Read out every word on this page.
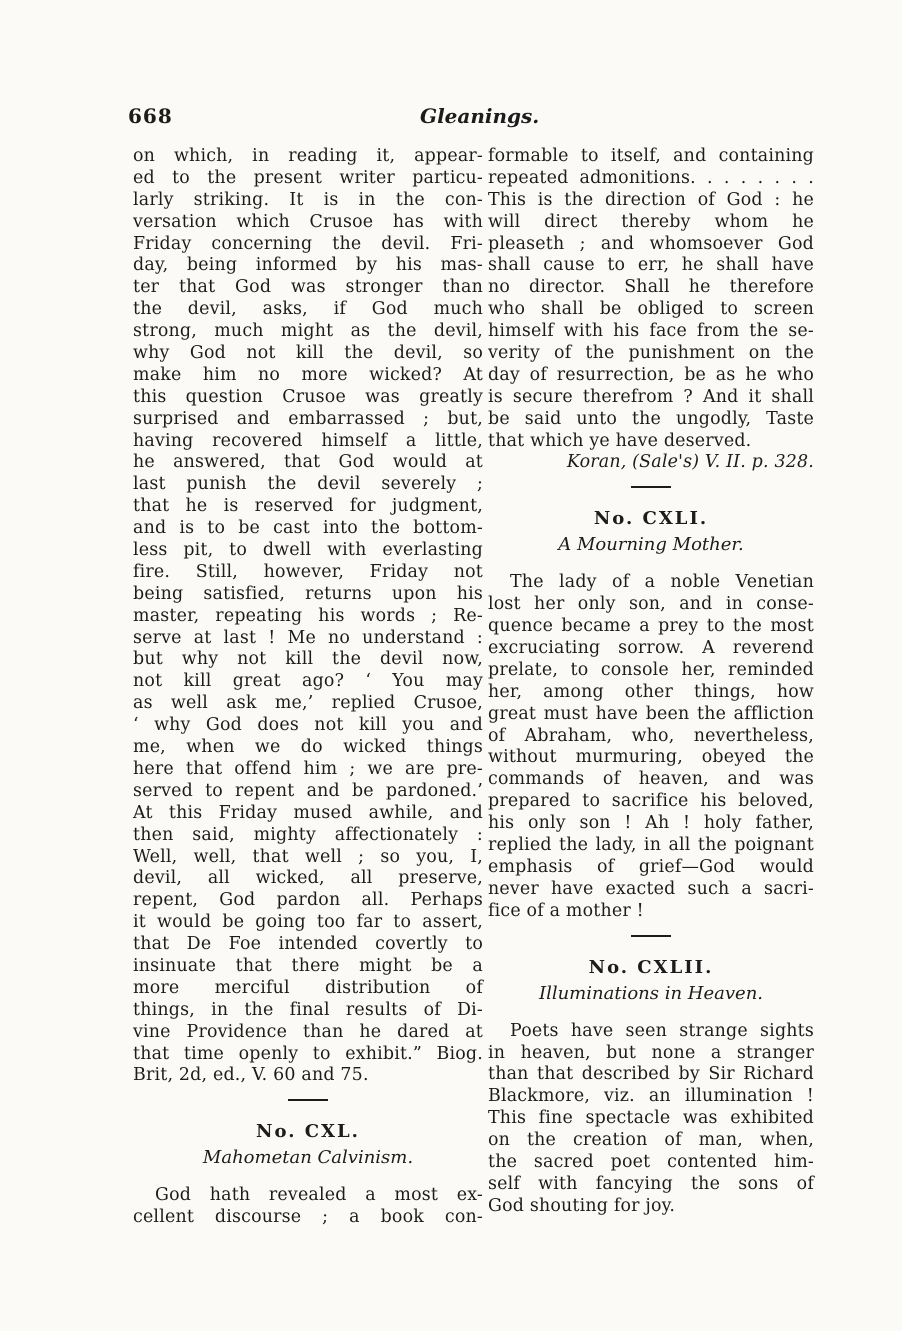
668	Gleanings.
on which, in reading it, appear-
ed to the present writer particu-
larly striking. It is in the con-
versation which Crusoe has with
Friday concerning the devil. Fri-
day, being informed by his mas-
ter that God was stronger than
the devil, asks, if God much
strong, much might as the devil,
why God not kill the devil, so
make him no more wicked? At
this question Crusoe was greatly
surprised and embarrassed ; but,
having recovered himself a little,
he answered, that God would at
last punish the devil severely ;
that he is reserved for judgment,
and is to be cast into the bottom-
less pit, to dwell with everlasting
fire. Still, however, Friday not
being satisfied, returns upon his
master, repeating his words ; Re-
serve at last ! Me no understand :
but why not kill the devil now,
not kill great ago? ‘ You may
as well ask me,’ replied Crusoe,
‘ why God does not kill you and
me, when we do wicked things
here that offend him ; we are pre-
served to repent and be pardoned.’
At this Friday mused awhile, and
then said, mighty affectionately :
Well, well, that well ; so you, I,
devil, all wicked, all preserve,
repent, God pardon all. Perhaps
it would be going too far to assert,
that De Foe intended covertly to
insinuate that there might be a
more merciful distribution of
things, in the final results of Di-
vine Providence than he dared at
that time openly to exhibit.” Biog.
Brit, 2d, ed., V. 60 and 75.
No. CXL.
Mahometan Calvinism.
God hath revealed a most ex-
cellent discourse ; a book con-
formable to itself, and containing
repeated admonitions. . . . . . . .
This is the direction of God : he
will direct thereby whom he
pleaseth ; and whomsoever God
shall cause to err, he shall have
no director. Shall he therefore
who shall be obliged to screen
himself with his face from the se-
verity of the punishment on the
day of resurrection, be as he who
is secure therefrom ? And it shall
be said unto the ungodly, Taste
that which ye have deserved.
Koran, (Sale's) V. II. p. 328.
No. CXLI.
A Mourning Mother.
The lady of a noble Venetian
lost her only son, and in conse-
quence became a prey to the most
excruciating sorrow. A reverend
prelate, to console her, reminded
her, among other things, how
great must have been the affliction
of Abraham, who, nevertheless,
without murmuring, obeyed the
commands of heaven, and was
prepared to sacrifice his beloved,
his only son ! Ah ! holy father,
replied the lady, in all the poignant
emphasis of grief—God would
never have exacted such a sacri-
fice of a mother !
No. CXLII.
Illuminations in Heaven.
Poets have seen strange sights
in heaven, but none a stranger
than that described by Sir Richard
Blackmore, viz. an illumination !
This fine spectacle was exhibited
on the creation of man, when,
the sacred poet contented him-
self with fancying the sons of
God shouting for joy.
